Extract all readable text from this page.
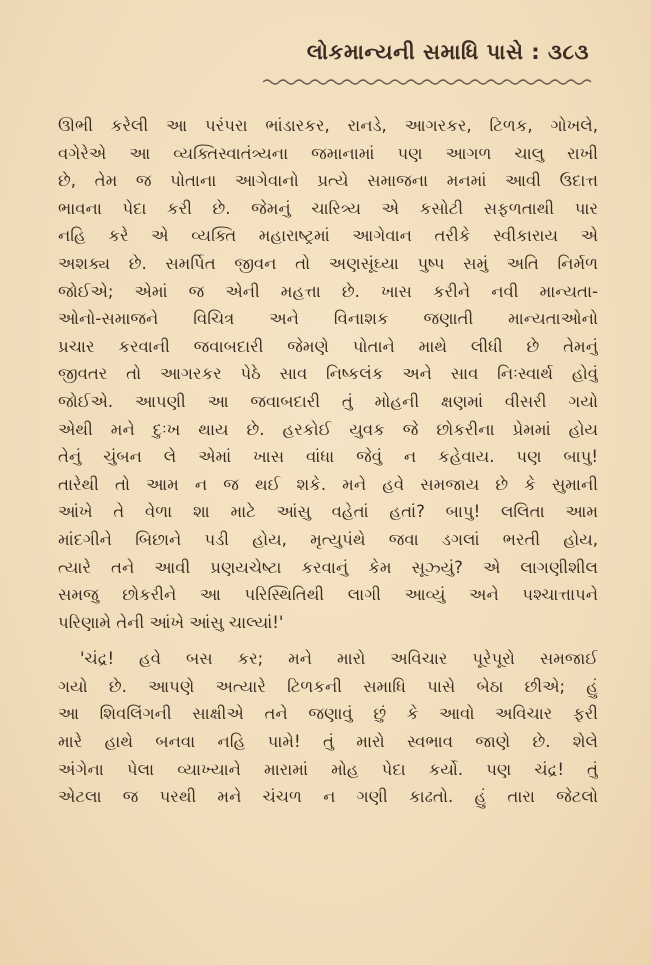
લોકમાન્યની સમાધિ પાસે : ૩૮૩
ઊભી કરેલી આ પરંપરા ભાંડારકર, રાનડે, આગરકર, ટિળક, ગોખલે,
વગેરેએ આ વ્યક્તિસ્વાતંત્ર્યના જમાનામાં પણ આગળ ચાલુ રાખી
છે, તેમ જ પોતાના આગેવાનો પ્રત્યે સમાજના મનમાં આવી ઉદાત્ત
ભાવના પેદા કરી છે. જેમનું ચારિત્ર્ય એ કસોટી સફળતાથી પાર
નહિ કરે એ વ્યક્તિ મહારાષ્ટ્રમાં આગેવાન તરીકે સ્વીકારાય એ
અશક્ય છે. સમર્પિત જીવન તો અણસૂંઘ્યા પુષ્પ સમું અતિ નિર્મળ
જોઈએ; એમાં જ એની મહત્તા છે. ખાસ કરીને નવી માન્યતા-
ઓનો-સમાજને વિચિત્ર અને વિનાશક જણાતી માન્યતાઓનો
પ્રચાર કરવાની જવાબદારી જેમણે પોતાને માથે લીધી છે તેમનું
જીવતર તો આગરકર પેઠે સાવ નિષ્કલંક અને સાવ નિઃસ્વાર્થ હોવું
જોઈએ. આપણી આ જવાબદારી તું મોહની ક્ષણમાં વીસરી ગયો
એથી મને દુઃખ થાય છે. હરકોઈ યુવક જે છોકરીના પ્રેમમાં હોય
તેનું ચુંબન લે એમાં ખાસ વાંધા જેવું ન કહેવાય. પણ બાપુ!
તારેથી તો આમ ન જ થઈ શકે. મને હવે સમજાય છે કે સુમાની
આંખે તે વેળા શા માટે આંસુ વહેતાં હતાં? બાપુ! લલિતા આમ
માંદગીને બિછાને પડી હોય, મૃત્યુપંથે જવા ડગલાં ભરતી હોય,
ત્યારે તને આવી પ્રણયચેષ્ટા કરવાનું કેમ સૂઝ્યું? એ લાગણીશીલ
સમજુ છોકરીને આ પરિસ્થિતિથી લાગી આવ્યું અને પશ્ચાત્તાપને
પરિણામે તેની આંખે આંસુ ચાલ્યાં!'
'ચંદ્ર! હવે બસ કર; મને મારો અવિચાર પૂરેપૂરો સમજાઈ
ગયો છે. આપણે અત્યારે ટિળકની સમાધિ પાસે બેઠા છીએ; હું
આ શિવલિંગની સાક્ષીએ તને જણાવું છું કે આવો અવિચાર ફરી
મારે હાથે બનવા નહિ પામે! તું મારો સ્વભાવ જાણે છે. શેલે
અંગેના પેલા વ્યાખ્યાને મારામાં મોહ પેદા કર્યો. પણ ચંદ્ર! તું
એટલા જ પરથી મને ચંચળ ન ગણી કાઢતો. હું તારા જેટલો
